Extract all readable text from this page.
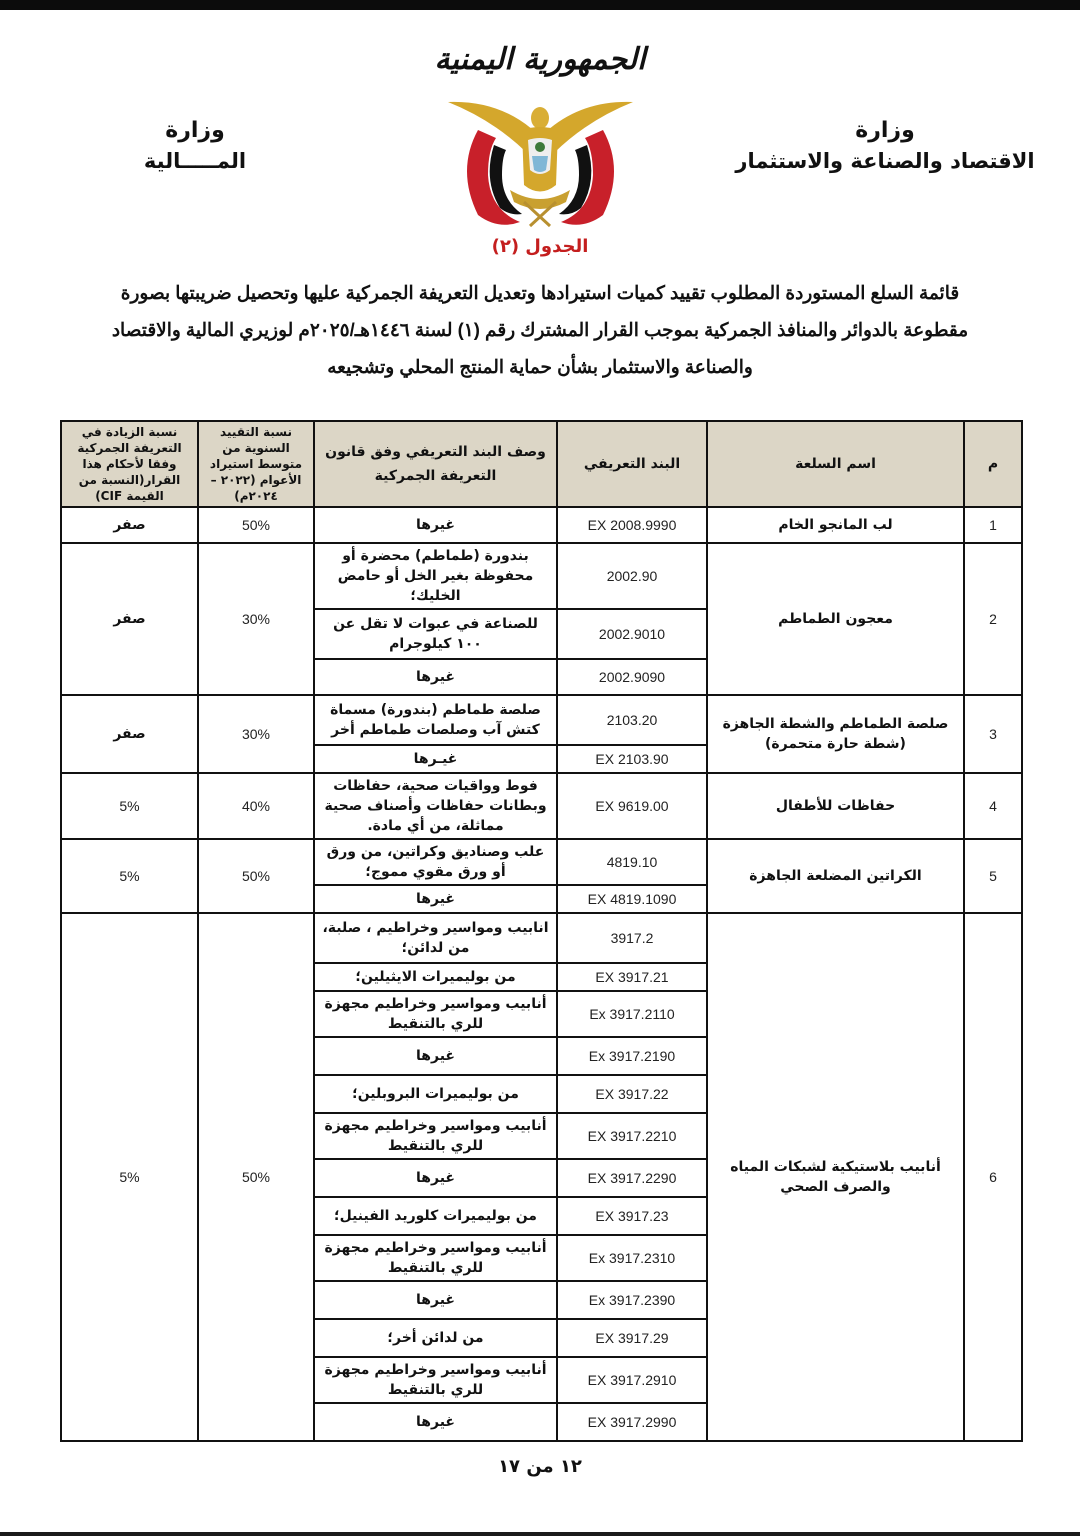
الجمهورية اليمنية
وزارة
الاقتصاد والصناعة والاستثمار
وزارة
المـــــالية
الجدول (٢)
قائمة السلع المستوردة المطلوب تقييد كميات استيرادها وتعديل التعريفة الجمركية عليها وتحصيل ضريبتها بصورة
مقطوعة بالدوائر والمنافذ الجمركية بموجب القرار المشترك رقم (١) لسنة ١٤٤٦هـ/٢٠٢٥م لوزيري المالية والاقتصاد
والصناعة والاستثمار بشأن حماية المنتج المحلي وتشجيعه
م	اسم السلعة	البند التعريفي	وصف البند التعريفي وفق قانون التعريفة الجمركية	نسبة التقييد السنوية من متوسط استيراد الأعوام (٢٠٢٢ – ٢٠٢٤م)	نسبة الزيادة في التعريفة الجمركية وفقا لأحكام هذا القرار(النسبة من القيمة CIF)
1	لب المانجو الخام	EX 2008.9990	غيرها	50%	صفر
2	معجون الطماطم	2002.90	بندورة (طماطم) محضرة أو محفوظة بغير الخل أو حامض الخليك؛	30%	صفر
		2002.9010	للصناعة في عبوات لا تقل عن ١٠٠ كيلوجرام		
		2002.9090	غيرها		
3	صلصة الطماطم والشطة الجاهزة (شطة حارة متحمرة)	2103.20	صلصة طماطم (بندورة) مسماة كتش آب وصلصات طماطم أخر	30%	صفر
		EX 2103.90	غيـرها		
4	حفاظات للأطفال	EX 9619.00	فوط وواقيات صحية، حفاظات وبطانات حفاظات وأصناف صحية مماثلة، من أي مادة.	40%	5%
5	الكراتين المضلعة الجاهزة	4819.10	علب وصناديق وكراتين، من ورق أو ورق مقوي مموج؛	50%	5%
		EX 4819.1090	غيرها		
6	أنابيب بلاستيكية لشبكات المياه والصرف الصحي	3917.2	انابيب ومواسير وخراطيم ، صلبة، من لدائن؛	50%	5%
		EX 3917.21	من بوليميرات الايثيلين؛		
		Ex 3917.2110	أنابيب ومواسير وخراطيم مجهزة للري بالتنقيط		
		Ex 3917.2190	غيرها		
		EX 3917.22	من بوليميرات البروبلين؛		
		EX 3917.2210	أنابيب ومواسير وخراطيم مجهزة للري بالتنقيط		
		EX 3917.2290	غيرها		
		EX 3917.23	من بوليميرات كلوريد الفينيل؛		
		Ex 3917.2310	أنابيب ومواسير وخراطيم مجهزة للري بالتنقيط		
		Ex 3917.2390	غيرها		
		EX 3917.29	من لدائن أخر؛		
		EX 3917.2910	أنابيب ومواسير وخراطيم مجهزة للري بالتنقيط		
		EX 3917.2990	غيرها		
١٢ من ١٧
